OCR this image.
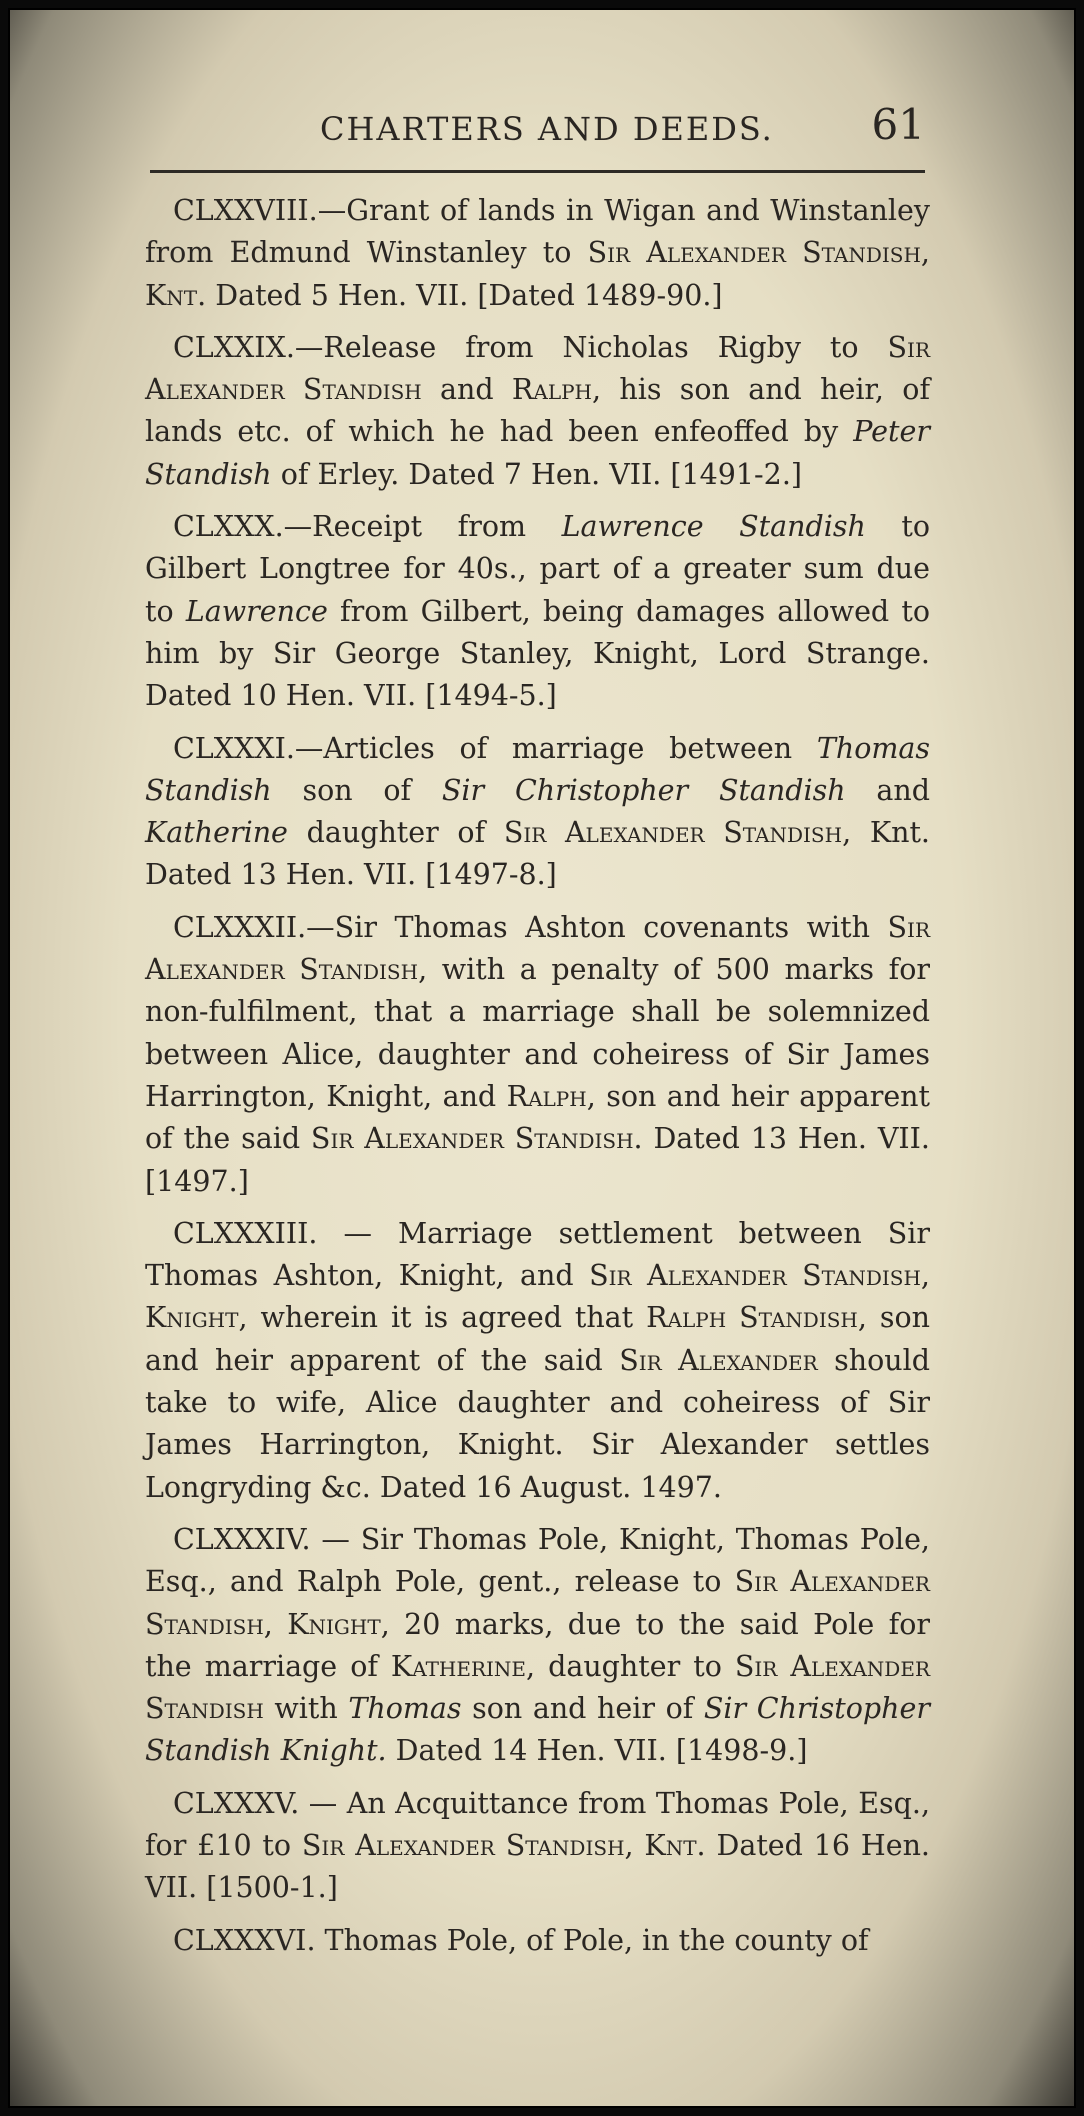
CHARTERS AND DEEDS. 61

CLXXVIII.—Grant of lands in Wigan and Winstanley from Edmund Winstanley to Sir Alexander Standish, Knt. Dated 5 Hen. VII. [Dated 1489-90.]

CLXXIX.—Release from Nicholas Rigby to Sir Alexander Standish and Ralph, his son and heir, of lands etc. of which he had been enfeoffed by Peter Standish of Erley. Dated 7 Hen. VII. [1491-2.]

CLXXX.—Receipt from Lawrence Standish to Gilbert Longtree for 40s., part of a greater sum due to Lawrence from Gilbert, being damages allowed to him by Sir George Stanley, Knight, Lord Strange. Dated 10 Hen. VII. [1494-5.]

CLXXXI.—Articles of marriage between Thomas Standish son of Sir Christopher Standish and Katherine daughter of Sir Alexander Standish, Knt. Dated 13 Hen. VII. [1497-8.]

CLXXXII.—Sir Thomas Ashton covenants with Sir Alexander Standish, with a penalty of 500 marks for non-fulfilment, that a marriage shall be solemnized between Alice, daughter and coheiress of Sir James Harrington, Knight, and Ralph, son and heir apparent of the said Sir Alexander Standish. Dated 13 Hen. VII. [1497.]

CLXXXIII. — Marriage settlement between Sir Thomas Ashton, Knight, and Sir Alexander Standish, Knight, wherein it is agreed that Ralph Standish, son and heir apparent of the said Sir Alexander should take to wife, Alice daughter and coheiress of Sir James Harrington, Knight. Sir Alexander settles Longryding &c. Dated 16 August. 1497.

CLXXXIV. — Sir Thomas Pole, Knight, Thomas Pole, Esq., and Ralph Pole, gent., release to Sir Alexander Standish, Knight, 20 marks, due to the said Pole for the marriage of Katherine, daughter to Sir Alexander Standish with Thomas son and heir of Sir Christopher Standish Knight. Dated 14 Hen. VII. [1498-9.]

CLXXXV. — An Acquittance from Thomas Pole, Esq., for £10 to Sir Alexander Standish, Knt. Dated 16 Hen. VII. [1500-1.]

CLXXXVI. Thomas Pole, of Pole, in the county of
